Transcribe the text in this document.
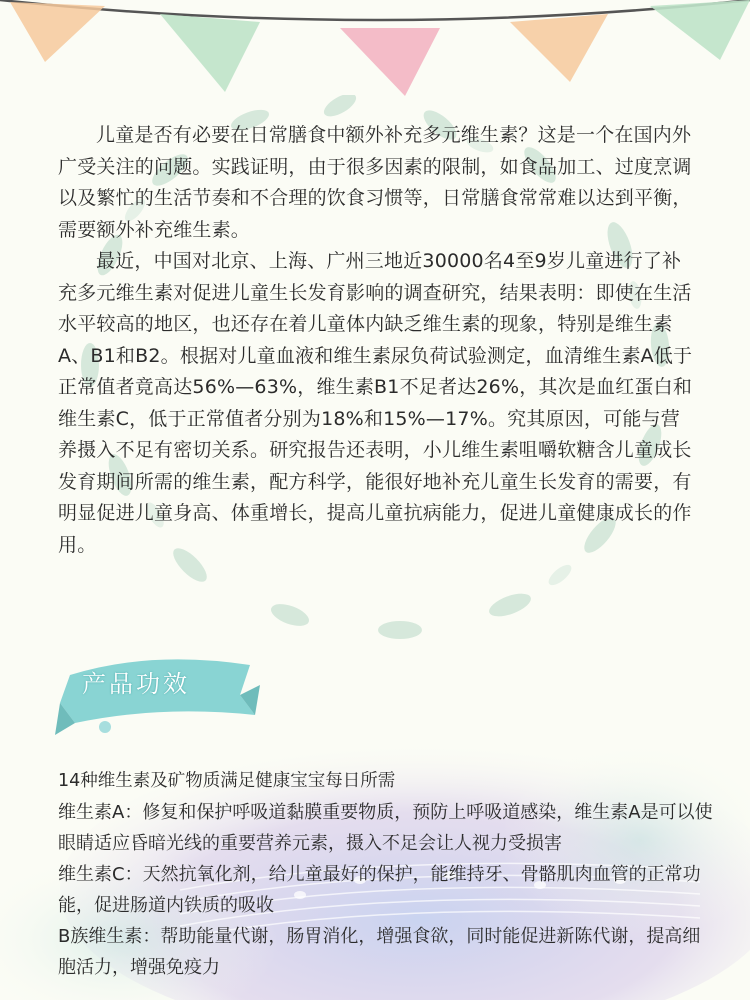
儿童是否有必要在日常膳食中额外补充多元维生素？这是一个在国内外广受关注的问题。实践证明，由于很多因素的限制，如食品加工、过度烹调以及繁忙的生活节奏和不合理的饮食习惯等，日常膳食常常难以达到平衡，需要额外补充维生素。

最近，中国对北京、上海、广州三地近30000名4至9岁儿童进行了补充多元维生素对促进儿童生长发育影响的调查研究，结果表明：即使在生活水平较高的地区，也还存在着儿童体内缺乏维生素的现象，特别是维生素A、B1和B2。根据对儿童血液和维生素尿负荷试验测定，血清维生素A低于正常值者竟高达56%—63%，维生素B1不足者达26%，其次是血红蛋白和维生素C，低于正常值者分别为18%和15%—17%。究其原因，可能与营养摄入不足有密切关系。研究报告还表明，小儿维生素咀嚼软糖含儿童成长发育期间所需的维生素，配方科学，能很好地补充儿童生长发育的需要，有明显促进儿童身高、体重增长，提高儿童抗病能力，促进儿童健康成长的作用。

产品功效
14种维生素及矿物质满足健康宝宝每日所需
维生素A：修复和保护呼吸道黏膜重要物质，预防上呼吸道感染，维生素A是可以使眼睛适应昏暗光线的重要营养元素，摄入不足会让人视力受损害
维生素C：天然抗氧化剂，给儿童最好的保护，能维持牙、骨骼肌肉血管的正常功能，促进肠道内铁质的吸收
B族维生素：帮助能量代谢，肠胃消化，增强食欲，同时能促进新陈代谢，提高细胞活力，增强免疫力
